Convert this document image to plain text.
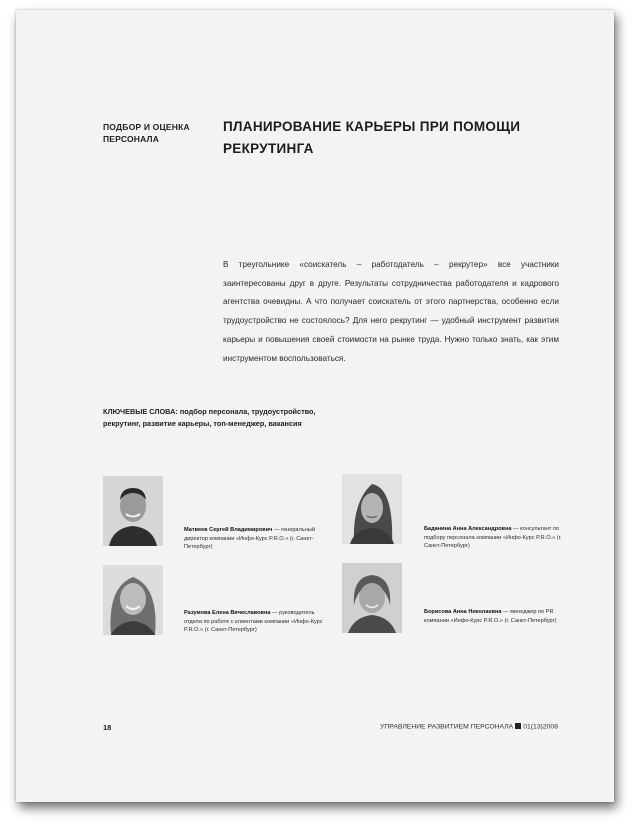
ПОДБОР И ОЦЕНКА
ПЕРСОНАЛА
ПЛАНИРОВАНИЕ КАРЬЕРЫ ПРИ ПОМОЩИ
РЕКРУТИНГА
В треугольнике «соискатель – работодатель – рекрутер» все участники заинтересованы друг в друге. Результаты сотрудничества работодателя и кадрового агентства очевидны. А что получает соискатель от этого партнерства, особенно если трудоустройство не состоялось? Для него рекрутинг — удобный инструмент развития карьеры и повышения своей стоимости на рынке труда. Нужно только знать, как этим инструментом воспользоваться.
КЛЮЧЕВЫЕ СЛОВА: подбор персонала, трудоустройство, рекрутинг, развитие карьеры, топ-менеджер, вакансия
Матвеев Сергей Владимирович — генеральный директор компании «Инфо-Курс P.R.O.» (г. Санкт-Петербург)
Баданина Анна Александровна — консультант по подбору персонала компании «Инфо-Курс P.R.O.» (г. Санкт-Петербург)
Разумова Елена Вячеславовна — руководитель отдела по работе с клиентами компании «Инфо-Курс P.R.O.» (г. Санкт-Петербург)
Борисова Анна Николаевна — менеджер по PR компании «Инфо-Курс P.R.O.» (г. Санкт-Петербург)
18	УПРАВЛЕНИЕ РАЗВИТИЕМ ПЕРСОНАЛА 01(13)2008
